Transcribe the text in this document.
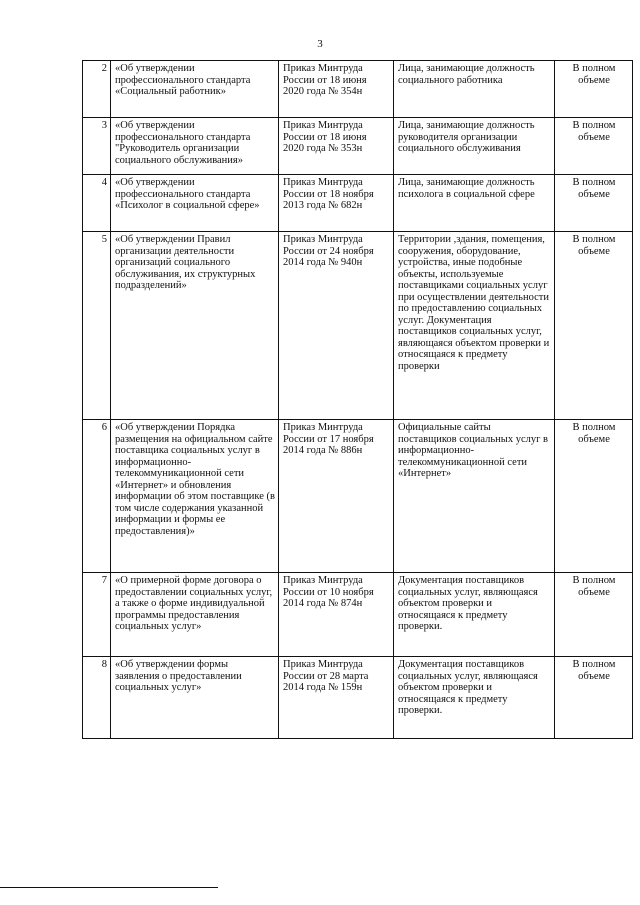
3
2	«Об утверждении профессионального стандарта «Социальный работник»	Приказ Минтруда России от 18 июня 2020 года № 354н	Лица, занимающие должность социального работника	В полном объеме
3	«Об утверждении профессионального стандарта "Руководитель организации социального обслуживания»	Приказ Минтруда России от 18 июня 2020 года № 353н	Лица, занимающие должность руководителя организации социального обслуживания	В полном объеме
4	«Об утверждении профессионального стандарта «Психолог в социальной сфере»	Приказ Минтруда России от 18 ноября 2013 года № 682н	Лица, занимающие должность психолога в социальной сфере	В полном объеме
5	«Об утверждении Правил организации деятельности организаций социального обслуживания, их структурных подразделений»	Приказ Минтруда России от 24 ноября 2014 года № 940н	Территории ,здания, помещения, сооружения, оборудование, устройства, иные подобные объекты, используемые поставщиками социальных услуг при осуществлении деятельности по предоставлению социальных услуг. Документация поставщиков социальных услуг, являющаяся объектом проверки и относящаяся к предмету проверки	В полном объеме
6	«Об утверждении Порядка размещения на официальном сайте поставщика социальных услуг в информационно-телекоммуникационной сети «Интернет» и обновления информации об этом поставщике (в том числе содержания указанной информации и формы ее предоставления)»	Приказ Минтруда России от 17 ноября 2014 года № 886н	Официальные сайты поставщиков социальных услуг в информационно-телекоммуникационной сети «Интернет»	В полном объеме
7	«О примерной форме договора о предоставлении социальных услуг, а также о форме индивидуальной программы предоставления социальных услуг»	Приказ Минтруда России от 10 ноября 2014 года № 874н	Документация поставщиков социальных услуг, являющаяся объектом проверки и относящаяся к предмету проверки.	В полном объеме
8	«Об утверждении формы заявления о предоставлении социальных услуг»	Приказ Минтруда России от 28 марта 2014 года № 159н	Документация поставщиков социальных услуг, являющаяся объектом проверки и относящаяся к предмету проверки.	В полном объеме
